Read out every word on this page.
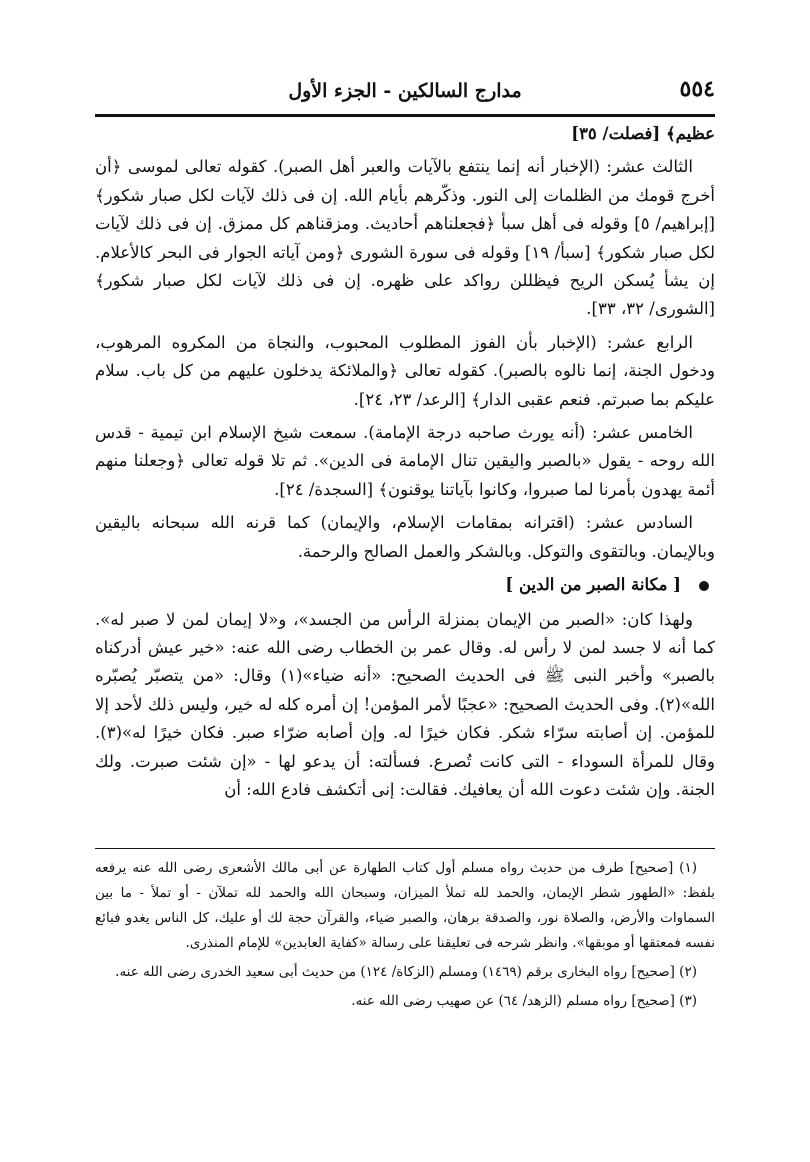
٥٥٤
مدارج السالكين - الجزء الأول

عظيم﴾ [فصلت/ ٣٥]

الثالث عشر: (الإخبار أنه إنما ينتفع بالآيات والعبر أهل الصبر). كقوله تعالى لموسى ﴿أن أخرج قومك من الظلمات إلى النور. وذكّرهم بأيام الله. إن فى ذلك لآيات لكل صبار شكور﴾ [إبراهيم/ ٥] وقوله فى أهل سبأ ﴿فجعلناهم أحاديث. ومزقناهم كل ممزق. إن فى ذلك لآيات لكل صبار شكور﴾ [سبأ/ ١٩] وقوله فى سورة الشورى ﴿ومن آياته الجوار فى البحر كالأعلام. إن يشأ يُسكن الريح فيظللن رواكد على ظهره. إن فى ذلك لآيات لكل صبار شكور﴾ [الشورى/ ٣٢، ٣٣].

الرابع عشر: (الإخبار بأن الفوز المطلوب المحبوب، والنجاة من المكروه المرهوب، ودخول الجنة، إنما نالوه بالصبر). كقوله تعالى ﴿والملائكة يدخلون عليهم من كل باب. سلام عليكم بما صبرتم. فنعم عقبى الدار﴾ [الرعد/ ٢٣، ٢٤].

الخامس عشر: (أنه يورث صاحبه درجة الإمامة). سمعت شيخ الإسلام ابن تيمية - قدس الله روحه - يقول «بالصبر واليقين تنال الإمامة فى الدين». ثم تلا قوله تعالى ﴿وجعلنا منهم أئمة يهدون بأمرنا لما صبروا، وكانوا بآياتنا يوقنون﴾ [السجدة/ ٢٤].

السادس عشر: (اقترانه بمقامات الإسلام، والإيمان) كما قرنه الله سبحانه باليقين وبالإيمان. وبالتقوى والتوكل. وبالشكر والعمل الصالح والرحمة.

[ مكانة الصبر من الدين ]

ولهذا كان: «الصبر من الإيمان بمنزلة الرأس من الجسد»، و«لا إيمان لمن لا صبر له». كما أنه لا جسد لمن لا رأس له. وقال عمر بن الخطاب رضى الله عنه: «خير عيش أدركناه بالصبر» وأخبر النبى ﷺ فى الحديث الصحيح: «أنه ضياء»(١) وقال: «من يتصبّر يُصبّره الله»(٢). وفى الحديث الصحيح: «عجبًا لأمر المؤمن! إن أمره كله له خير، وليس ذلك لأحد إلا للمؤمن. إن أصابته سرّاء شكر. فكان خيرًا له. وإن أصابه ضرّاء صبر. فكان خيرًا له»(٣). وقال للمرأة السوداء - التى كانت تُصرع. فسألته: أن يدعو لها - «إن شئت صبرت. ولك الجنة. وإن شئت دعوت الله أن يعافيك. فقالت: إنى أتكشف فادع الله: أن

(١) [صحيح] طرف من حديث رواه مسلم أول كتاب الطهارة عن أبى مالك الأشعرى رضى الله عنه يرفعه بلفظ: «الطهور شطر الإيمان، والحمد لله تملأ الميزان، وسبحان الله والحمد لله تملآن - أو تملأ - ما بين السماوات والأرض، والصلاة نور، والصدقة برهان، والصبر ضياء، والقرآن حجة لك أو عليك، كل الناس يغدو فبائع نفسه فمعتقها أو موبقها». وانظر شرحه فى تعليقنا على رسالة «كفاية العابدين» للإمام المنذرى.

(٢) [صحيح] رواه البخارى برقم (١٤٦٩) ومسلم (الزكاة/ ١٢٤) من حديث أبى سعيد الخدرى رضى الله عنه.

(٣) [صحيح] رواه مسلم (الزهد/ ٦٤) عن صهيب رضى الله عنه.
